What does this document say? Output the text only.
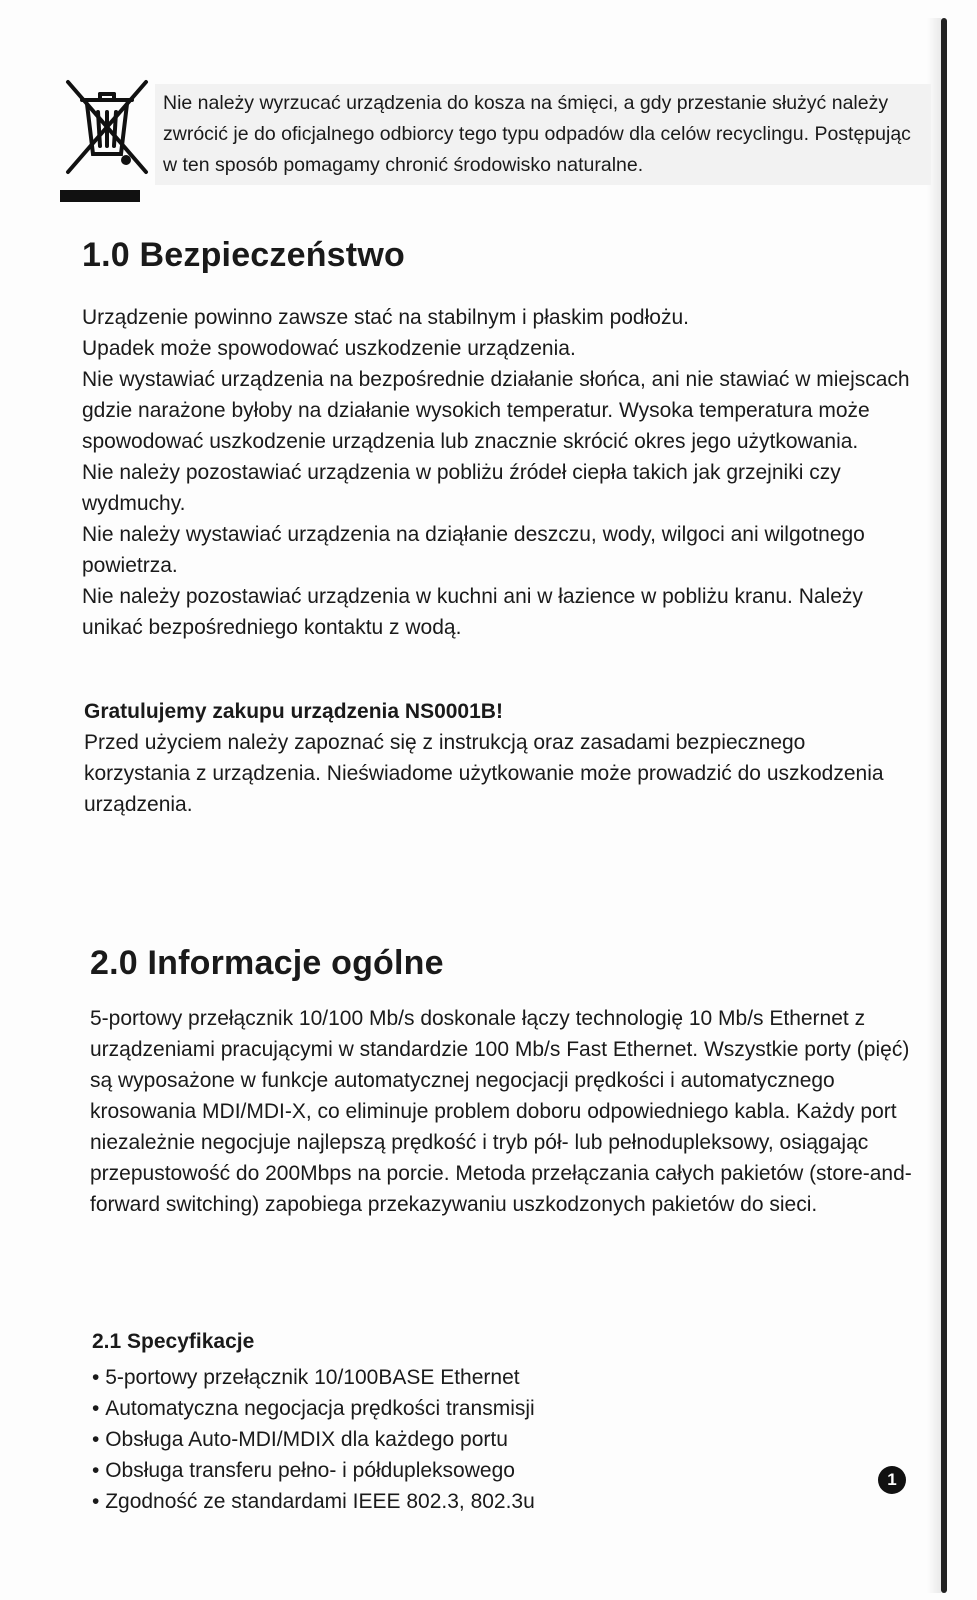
Nie należy wyrzucać urządzenia do kosza na śmięci, a gdy przestanie służyć należy zwrócić je do oficjalnego odbiorcy tego typu odpadów dla celów recyclingu. Postępując w ten sposób pomagamy chronić środowisko naturalne.
1.0 Bezpieczeństwo
Urządzenie powinno zawsze stać na stabilnym i płaskim podłożu.
Upadek może spowodować uszkodzenie urządzenia.
Nie wystawiać urządzenia na bezpośrednie działanie słońca, ani nie stawiać w miejscach gdzie narażone byłoby na działanie wysokich temperatur. Wysoka temperatura może spowodować uszkodzenie urządzenia lub znacznie skrócić okres jego użytkowania.
Nie należy pozostawiać urządzenia w pobliżu źródeł ciepła takich jak grzejniki czy wydmuchy.
Nie należy wystawiać urządzenia na dziąłanie deszczu, wody, wilgoci ani wilgotnego powietrza.
Nie należy pozostawiać urządzenia w kuchni ani w łazience w pobliżu kranu. Należy unikać bezpośredniego kontaktu z wodą.
Gratulujemy zakupu urządzenia NS0001B!
Przed użyciem należy zapoznać się z instrukcją oraz zasadami bezpiecznego korzystania z urządzenia. Nieświadome użytkowanie może prowadzić do uszkodzenia urządzenia.
2.0 Informacje ogólne
5-portowy przełącznik 10/100 Mb/s doskonale łączy technologię 10 Mb/s Ethernet z urządzeniami pracującymi w standardzie 100 Mb/s Fast Ethernet. Wszystkie porty (pięć) są wyposażone w funkcje automatycznej negocjacji prędkości i automatycznego krosowania MDI/MDI-X, co eliminuje problem doboru odpowiedniego kabla. Każdy port niezależnie negocjuje najlepszą prędkość i tryb pół- lub pełnodupleksowy, osiągając przepustowość do 200Mbps na porcie. Metoda przełączania całych pakietów (store-and-forward switching) zapobiega przekazywaniu uszkodzonych pakietów do sieci.
2.1 Specyfikacje
• 5-portowy przełącznik 10/100BASE Ethernet
• Automatyczna negocjacja prędkości transmisji
• Obsługa Auto-MDI/MDIX dla każdego portu
• Obsługa transferu pełno- i półdupleksowego
• Zgodność ze standardami IEEE 802.3, 802.3u
1
